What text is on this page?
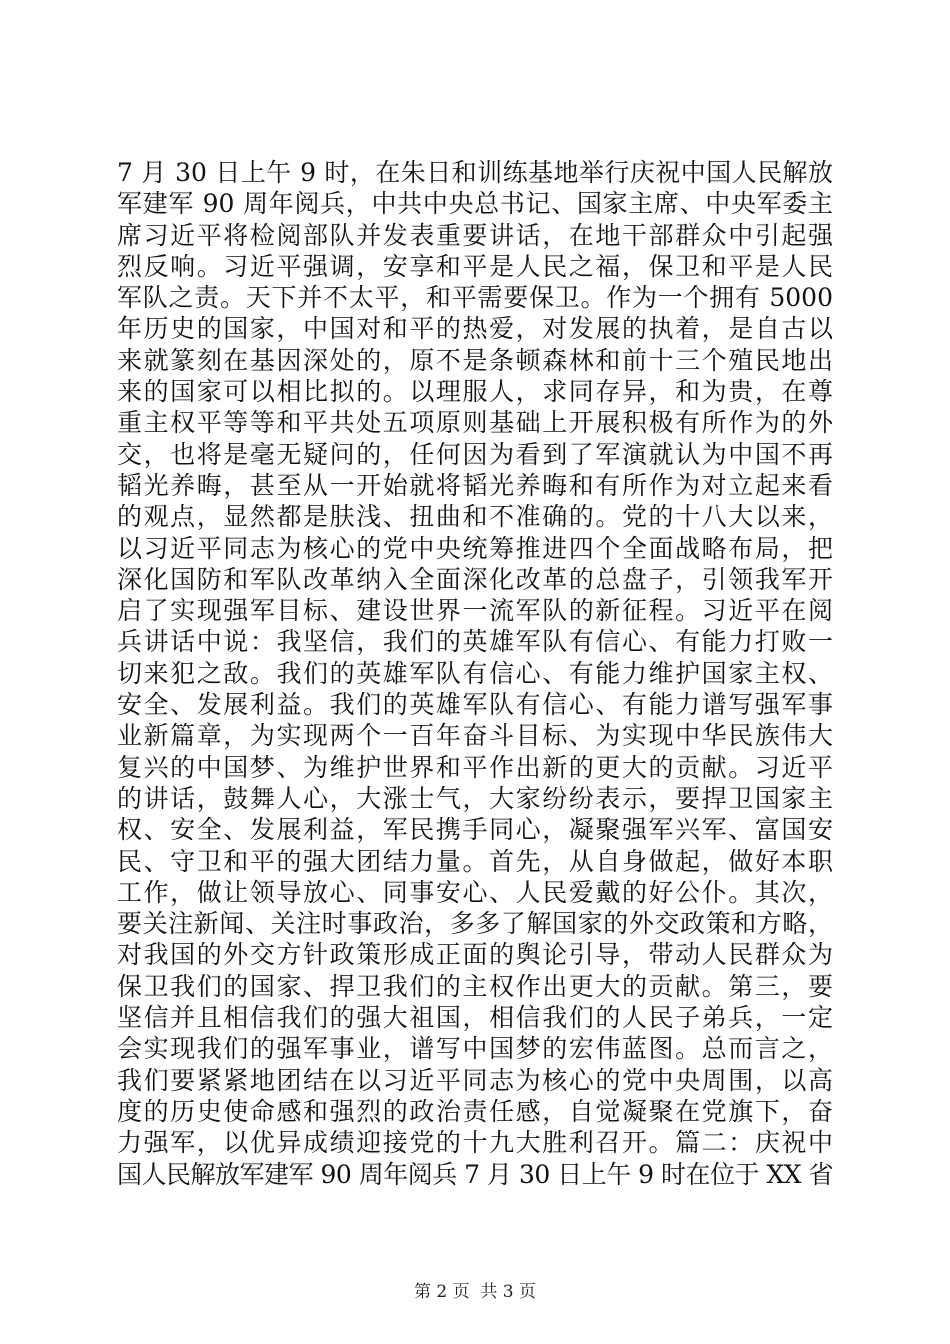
7 月 30 日上午 9 时，在朱日和训练基地举行庆祝中国人民解放
军建军 90 周年阅兵，中共中央总书记、国家主席、中央军委主
席习近平将检阅部队并发表重要讲话，在地干部群众中引起强
烈反响。习近平强调，安享和平是人民之福，保卫和平是人民
军队之责。天下并不太平，和平需要保卫。作为一个拥有 5000
年历史的国家，中国对和平的热爱，对发展的执着，是自古以
来就篆刻在基因深处的，原不是条顿森林和前十三个殖民地出
来的国家可以相比拟的。以理服人，求同存异，和为贵，在尊
重主权平等等和平共处五项原则基础上开展积极有所作为的外
交，也将是毫无疑问的，任何因为看到了军演就认为中国不再
韬光养晦，甚至从一开始就将韬光养晦和有所作为对立起来看
的观点，显然都是肤浅、扭曲和不准确的。党的十八大以来，
以习近平同志为核心的党中央统筹推进四个全面战略布局，把
深化国防和军队改革纳入全面深化改革的总盘子，引领我军开
启了实现强军目标、建设世界一流军队的新征程。习近平在阅
兵讲话中说：我坚信，我们的英雄军队有信心、有能力打败一
切来犯之敌。我们的英雄军队有信心、有能力维护国家主权、
安全、发展利益。我们的英雄军队有信心、有能力谱写强军事
业新篇章，为实现两个一百年奋斗目标、为实现中华民族伟大
复兴的中国梦、为维护世界和平作出新的更大的贡献。习近平
的讲话，鼓舞人心，大涨士气，大家纷纷表示，要捍卫国家主
权、安全、发展利益，军民携手同心，凝聚强军兴军、富国安
民、守卫和平的强大团结力量。首先，从自身做起，做好本职
工作，做让领导放心、同事安心、人民爱戴的好公仆。其次，
要关注新闻、关注时事政治，多多了解国家的外交政策和方略，
对我国的外交方针政策形成正面的舆论引导，带动人民群众为
保卫我们的国家、捍卫我们的主权作出更大的贡献。第三，要
坚信并且相信我们的强大祖国，相信我们的人民子弟兵，一定
会实现我们的强军事业，谱写中国梦的宏伟蓝图。总而言之，
我们要紧紧地团结在以习近平同志为核心的党中央周围，以高
度的历史使命感和强烈的政治责任感，自觉凝聚在党旗下，奋
力强军，以优异成绩迎接党的十九大胜利召开。篇二：庆祝中
国人民解放军建军 90 周年阅兵 7 月 30 日上午 9 时在位于 XX 省
第 2 页  共 3 页
